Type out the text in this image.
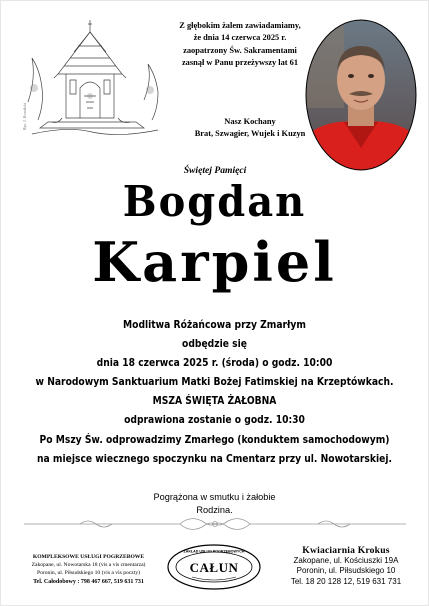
Rys. J. Kowalski
Z głębokim żalem zawiadamiamy,
że dnia 14 czerwca 2025 r.
zaopatrzony Św. Sakramentami
zasnął w Panu przeżywszy lat 61
Nasz Kochany
Brat, Szwagier, Wujek i Kuzyn
Świętej Pamięci
Bogdan
Karpiel
Modlitwa Różańcowa przy Zmarłym
odbędzie się
dnia 18 czerwca 2025 r. (środa) o godz. 10:00
w Narodowym Sanktuarium Matki Bożej Fatimskiej na Krzeptówkach.
MSZA ŚWIĘTA ŻAŁOBNA
odprawiona zostanie o godz. 10:30
Po Mszy Św. odprowadzimy Zmarłego (konduktem samochodowym)
na miejsce wiecznego spoczynku na Cmentarz przy ul. Nowotarskiej.
Pogrążona w smutku i żałobie
Rodzina.
KOMPLEKSOWE USŁUGI POGRZEBOWE
Zakopane, ul. Nowotarska 18 (vis a vis cmentarza)
Poronin, ul. Piłsudskiego 10 (vis a vis poczty)
Tel. Całodobowy : 798 467 667, 519 631 731
ZAKŁAD USŁUG POGRZEBOWYCH
CAŁUN
Kwiaciarnia Krokus
Zakopane, ul. Kościuszki 19A
Poronin, ul. Piłsudskiego 10
Tel. 18 20 128 12, 519 631 731
